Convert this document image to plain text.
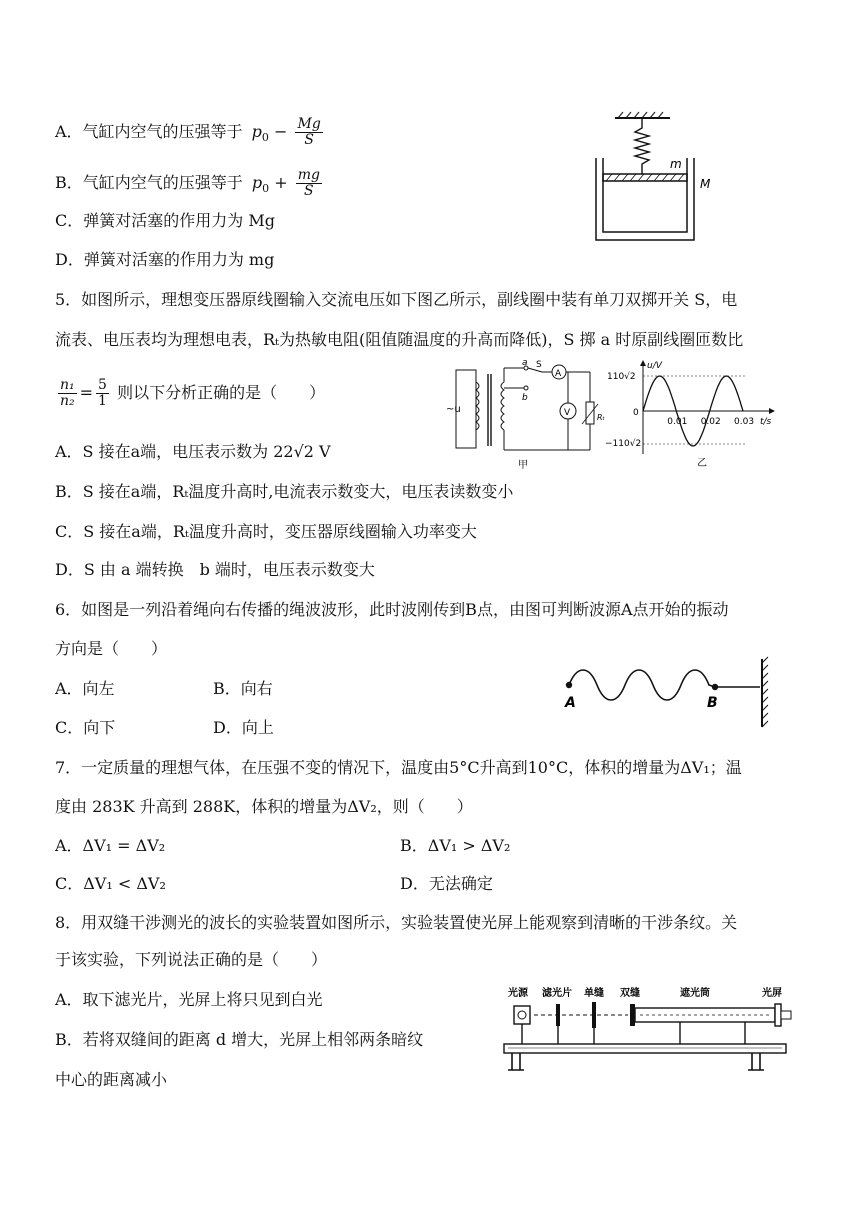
A．气缸内空气的压强等于 $p_0 - \frac{Mg}{S}$
B．气缸内空气的压强等于 $p_0 + \frac{mg}{S}$
C．弹簧对活塞的作用力为 Mg
D．弹簧对活塞的作用力为 mg
m
M
5．如图所示，理想变压器原线圈输入交流电压如下图乙所示，副线圈中装有单刀双掷开关 S，电
流表、电压表均为理想电表，Rₜ为热敏电阻(阻值随温度的升高而降低)，S 掷 a 时原副线圈匝数比
$\frac{\text{n₁}}{\text{n₂}} = \frac{5}{1}$ 则以下分析正确的是（　　）
A．S 接在a端，电压表示数为 22√2 V
B．S 接在a端，Rₜ温度升高时,电流表示数变大，电压表读数变小
C．S 接在a端，Rₜ温度升高时，变压器原线圈输入功率变大
D．S 由 a 端转换　b 端时，电压表示数变大
~u
a
b
S
A
V	Rₜ
甲
u/V
t/s
110√2
0
−110√2
0.01 0.02 0.03
乙
6．如图是一列沿着绳向右传播的绳波波形，此时波刚传到B点，由图可判断波源A点开始的振动
方向是（　　）
A．向左	B．向右
C．向下	D．向上
A	B
7．一定质量的理想气体，在压强不变的情况下，温度由5°C升高到10°C，体积的增量为ΔV₁；温
度由 283K 升高到 288K，体积的增量为ΔV₂，则（　　）
A．ΔV₁ = ΔV₂	B．ΔV₁ > ΔV₂
C．ΔV₁ < ΔV₂	D．无法确定
8．用双缝干涉测光的波长的实验装置如图所示，实验装置使光屏上能观察到清晰的干涉条纹。关
于该实验，下列说法正确的是（　　）
A．取下滤光片，光屏上将只见到白光
B．若将双缝间的距离 d 增大，光屏上相邻两条暗纹
中心的距离减小
光源 滤光片 单缝 双缝	遮光筒	光屏
